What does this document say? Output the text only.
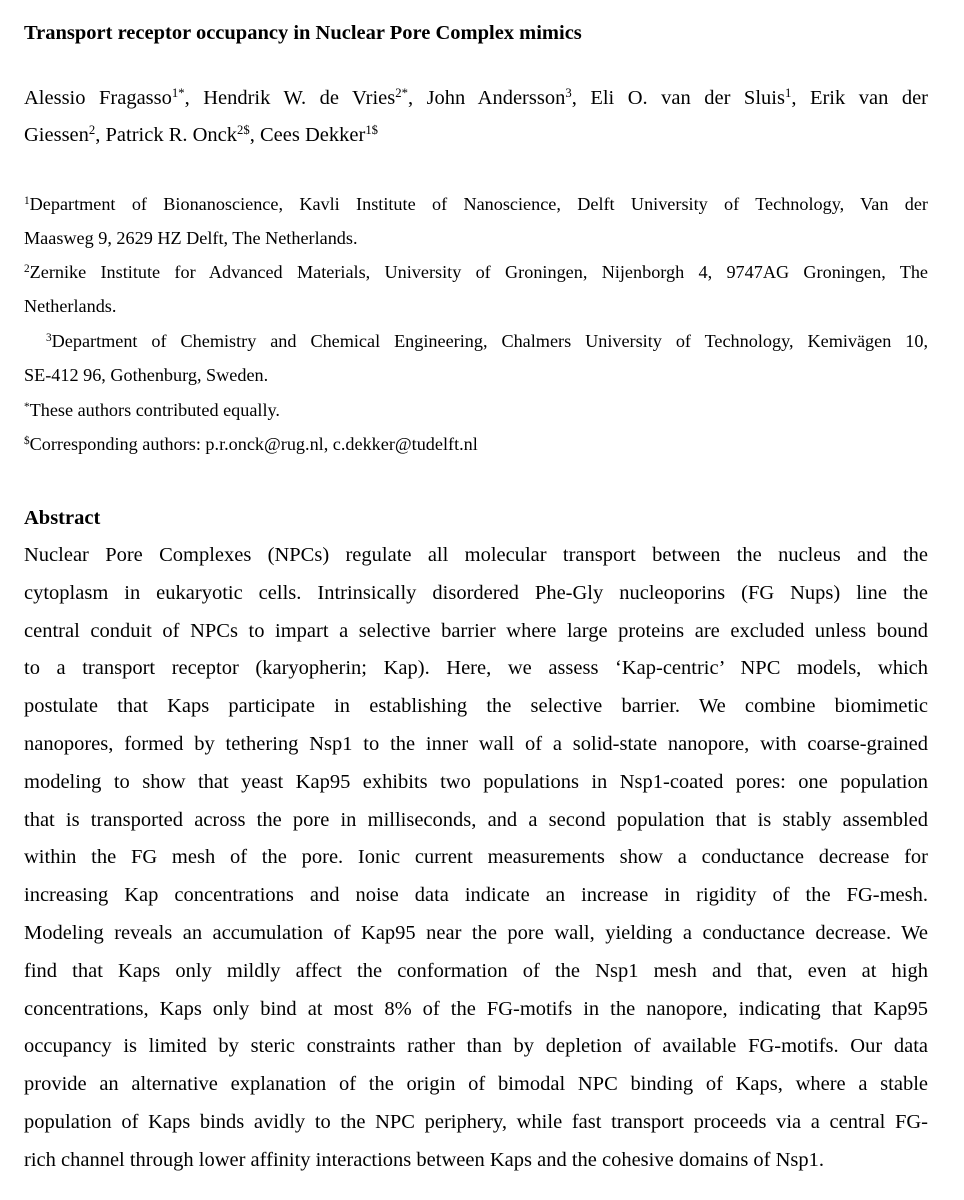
Transport receptor occupancy in Nuclear Pore Complex mimics
Alessio Fragasso$^{1*}$, Hendrik W. de Vries$^{2*}$, John Andersson$^3$, Eli O. van der Sluis$^1$, Erik van der
Giessen$^2$, Patrick R. Onck$^{2\$}$, Cees Dekker$^{1\$}$
$^1$Department of Bionanoscience, Kavli Institute of Nanoscience, Delft University of Technology, Van der
Maasweg 9, 2629 HZ Delft, The Netherlands.
$^2$Zernike Institute for Advanced Materials, University of Groningen, Nijenborgh 4, 9747AG Groningen, The
Netherlands.
$^3$Department of Chemistry and Chemical Engineering, Chalmers University of Technology, Kemivägen 10,
SE-412 96, Gothenburg, Sweden.
*These authors contributed equally.
$Corresponding authors: p.r.onck@rug.nl, c.dekker@tudelft.nl
Abstract
Nuclear Pore Complexes (NPCs) regulate all molecular transport between the nucleus and the
cytoplasm in eukaryotic cells. Intrinsically disordered Phe-Gly nucleoporins (FG Nups) line the
central conduit of NPCs to impart a selective barrier where large proteins are excluded unless bound
to a transport receptor (karyopherin; Kap). Here, we assess ‘Kap-centric’ NPC models, which
postulate that Kaps participate in establishing the selective barrier. We combine biomimetic
nanopores, formed by tethering Nsp1 to the inner wall of a solid-state nanopore, with coarse-grained
modeling to show that yeast Kap95 exhibits two populations in Nsp1-coated pores: one population
that is transported across the pore in milliseconds, and a second population that is stably assembled
within the FG mesh of the pore. Ionic current measurements show a conductance decrease for
increasing Kap concentrations and noise data indicate an increase in rigidity of the FG-mesh.
Modeling reveals an accumulation of Kap95 near the pore wall, yielding a conductance decrease. We
find that Kaps only mildly affect the conformation of the Nsp1 mesh and that, even at high
concentrations, Kaps only bind at most 8% of the FG-motifs in the nanopore, indicating that Kap95
occupancy is limited by steric constraints rather than by depletion of available FG-motifs. Our data
provide an alternative explanation of the origin of bimodal NPC binding of Kaps, where a stable
population of Kaps binds avidly to the NPC periphery, while fast transport proceeds via a central FG-
rich channel through lower affinity interactions between Kaps and the cohesive domains of Nsp1.
